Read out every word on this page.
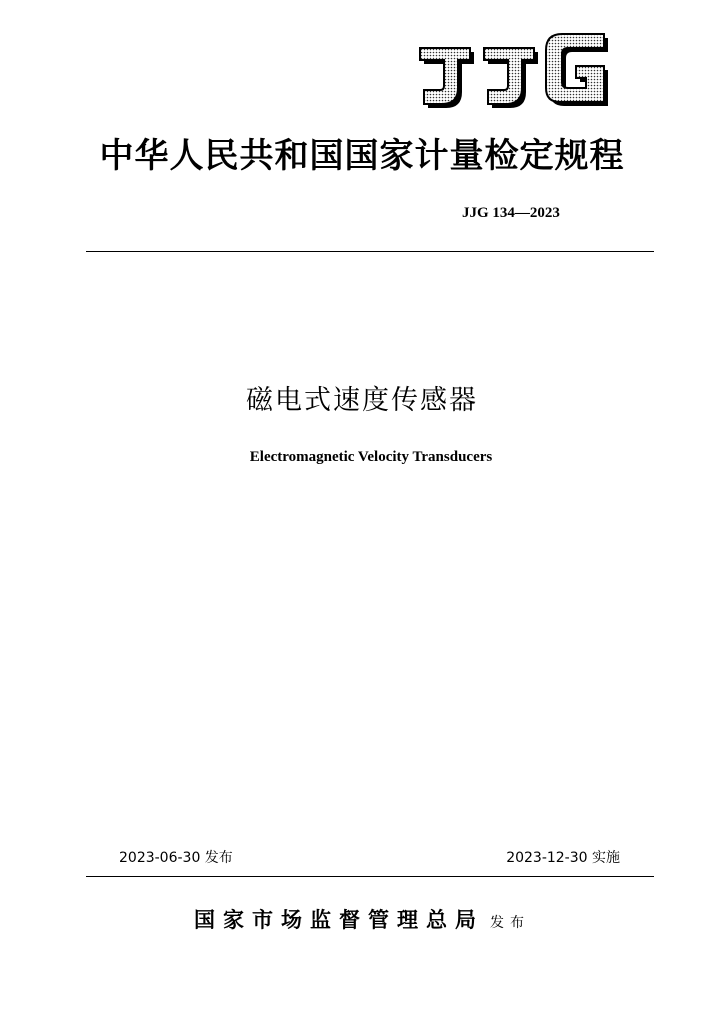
中华人民共和国国家计量检定规程
JJG 134—2023
磁电式速度传感器
Electromagnetic Velocity Transducers
2023-06-30 发布	2023-12-30 实施
国家市场监督管理总局 发布
